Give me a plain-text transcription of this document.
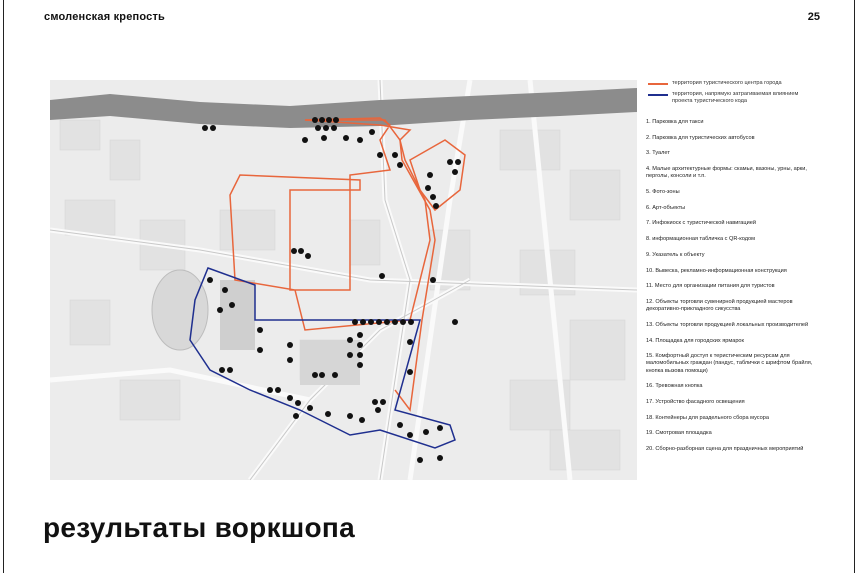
смоленская крепость	25
территория туристического центра города
территория, напрямую затрагиваемая влиянием проекта туристического кода
1. Парковка для такси
2. Парковка для туристических автобусов
3. Туалет
4. Малые архитектурные формы: скамьи, вазоны, урны, арки, перголы, консоли и т.п.
5. Фото-зоны
6. Арт-объекты
7. Инфокиоск с туристической навигацией
8. информационная табличка с QR-кодом
9. Указатель к объекту
10. Вывеска, рекламно-информационная конструкция
11. Место для организации питания для туристов
12. Объекты торговли сувенирной продукцией мастеров декоративно-прикладного сикусства
13. Объекты торговли продукцией локальных производителей
14. Площадка для городских ярмарок
15. Комфортный доступ к теристическим ресурсам для маломобильных граждан (пандус, таблички с шрифтом брайля, кнопка вызова помощи)
16. Тревожная кнопка
17. Устройство фасадного освещения
18. Контейнеры для раздельного сбора мусора
19. Смотровая площадка
20. Сборно-разборная сцена для праздничных мероприятий
результаты воркшопа
